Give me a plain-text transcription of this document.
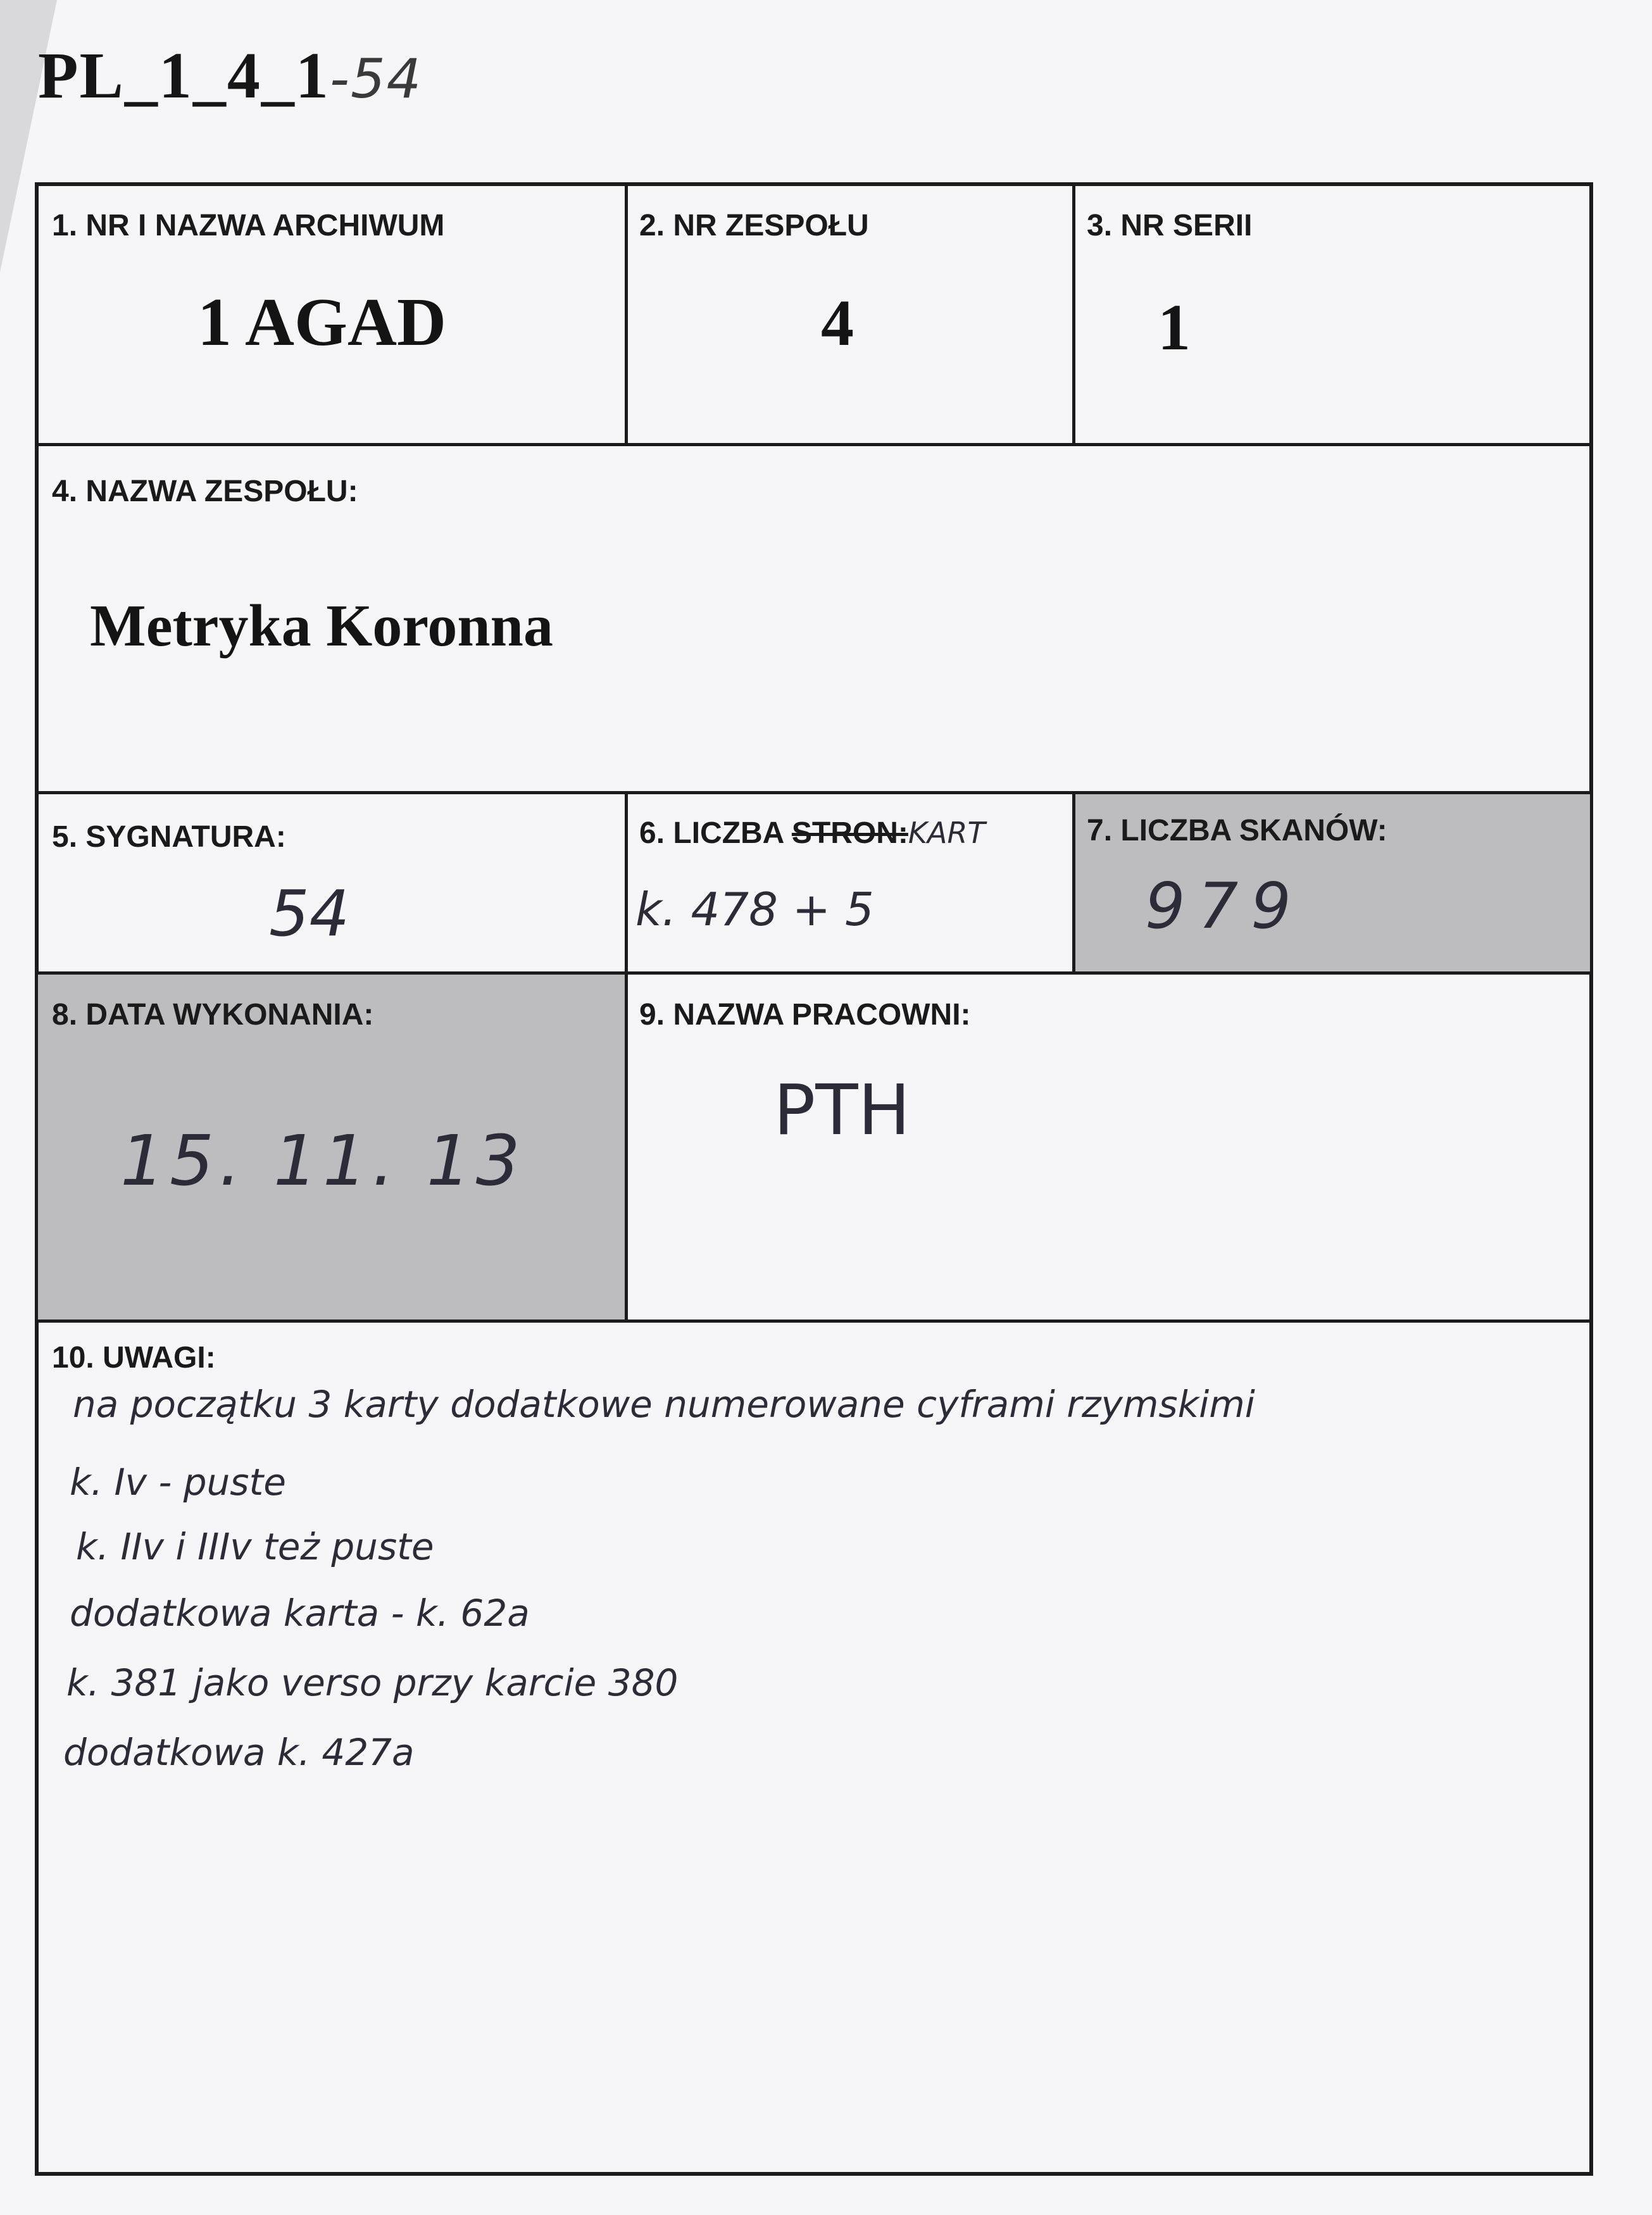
PL_1_4_1-54
1. NR I NAZWA ARCHIWUM
1 AGAD
2. NR ZESPOŁU
4
3. NR SERII
1
4. NAZWA ZESPOŁU:
Metryka Koronna
5. SYGNATURA:
54
6. LICZBA STRON:KART
k. 478 + 5
7. LICZBA SKANÓW:
979
8. DATA WYKONANIA:
15. 11. 13
9. NAZWA PRACOWNI:
PTH
10. UWAGI:
na początku 3 karty dodatkowe numerowane cyframi rzymskimi
k. Iv - puste
k. IIv i IIIv też puste
dodatkowa karta - k. 62a
k. 381 jako verso przy karcie 380
dodatkowa k. 427a
